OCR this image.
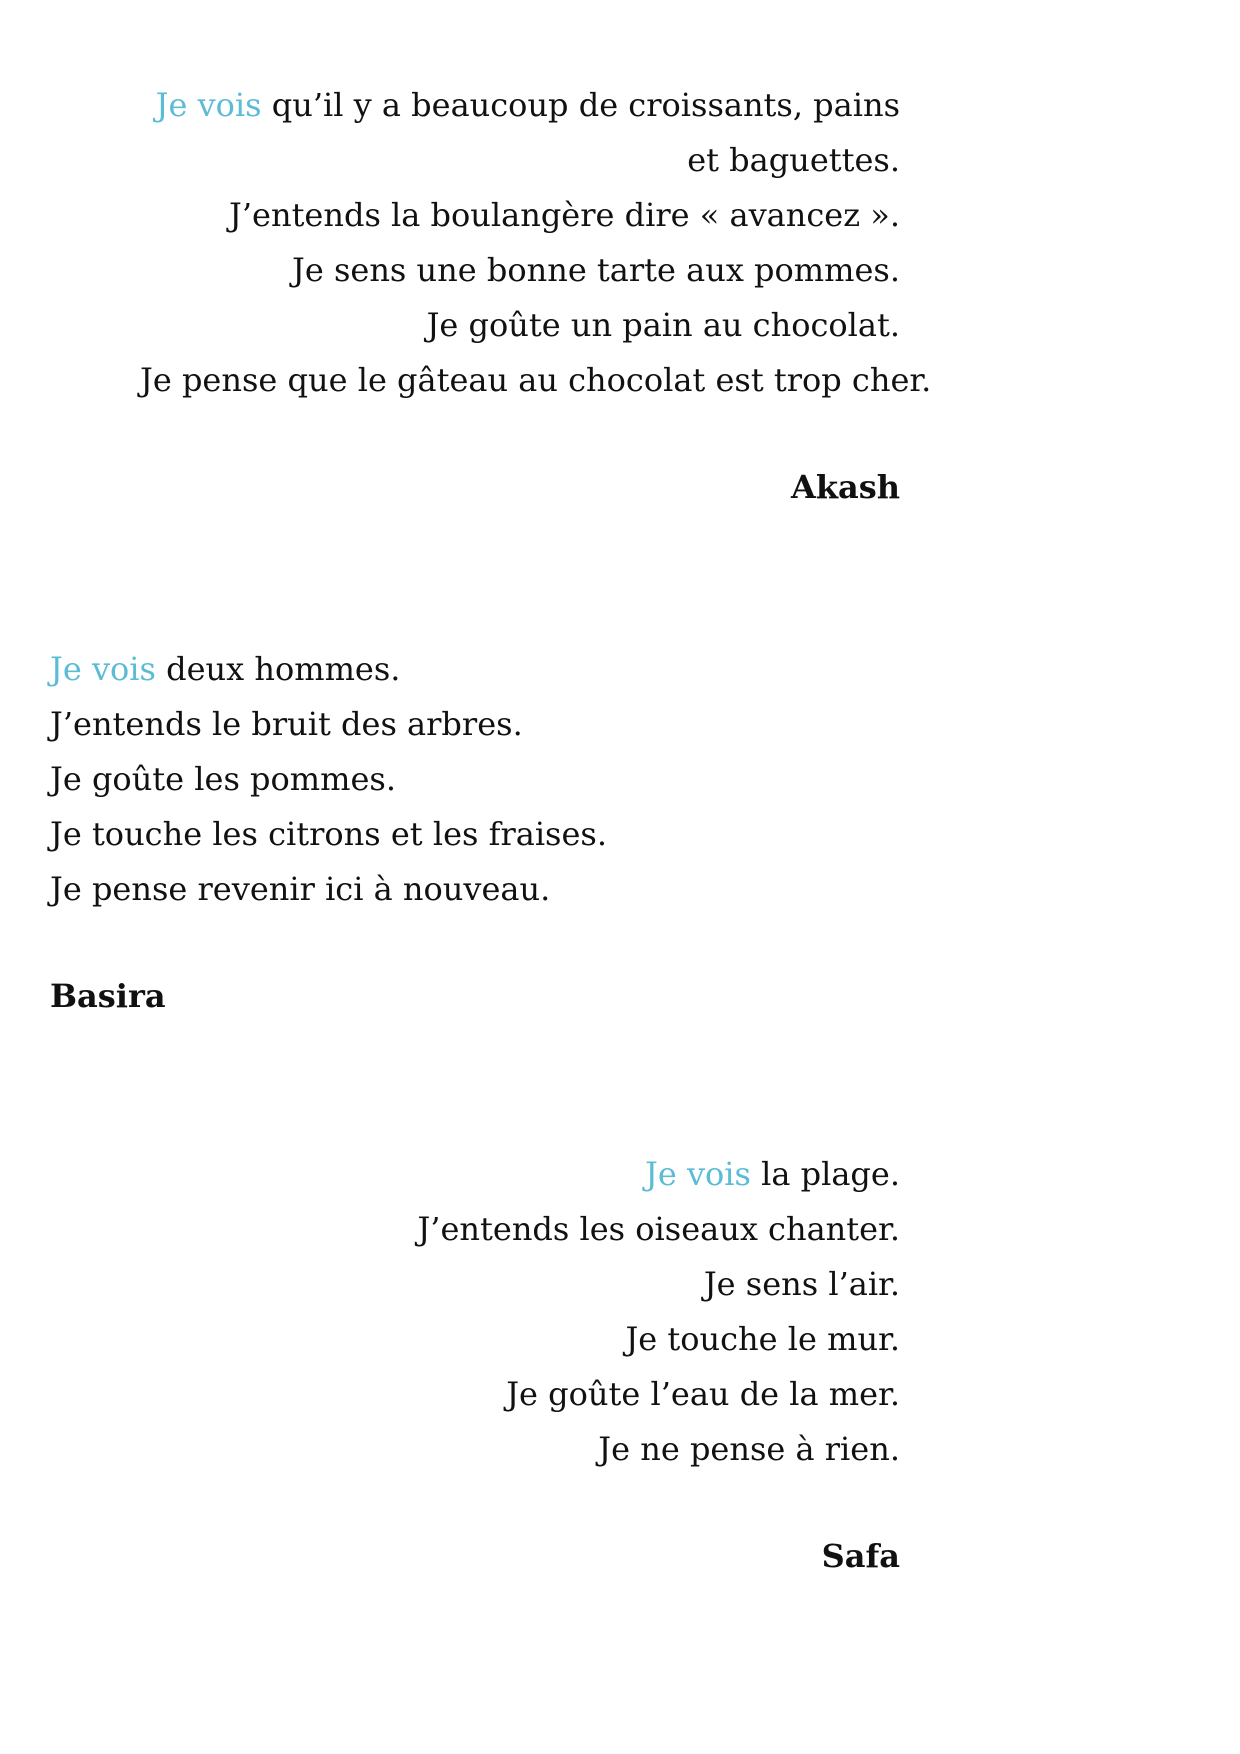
Je vois qu’il y a beaucoup de croissants, pains
et baguettes.
J’entends la boulangère dire « avancez ».
Je sens une bonne tarte aux pommes.
Je goûte un pain au chocolat.
Je pense que le gâteau au chocolat est trop cher.
Akash
Je vois deux hommes.
J’entends le bruit des arbres.
Je goûte les pommes.
Je touche les citrons et les fraises.
Je pense revenir ici à nouveau.
Basira
Je vois la plage.
J’entends les oiseaux chanter.
Je sens l’air.
Je touche le mur.
Je goûte l’eau de la mer.
Je ne pense à rien.
Safa
